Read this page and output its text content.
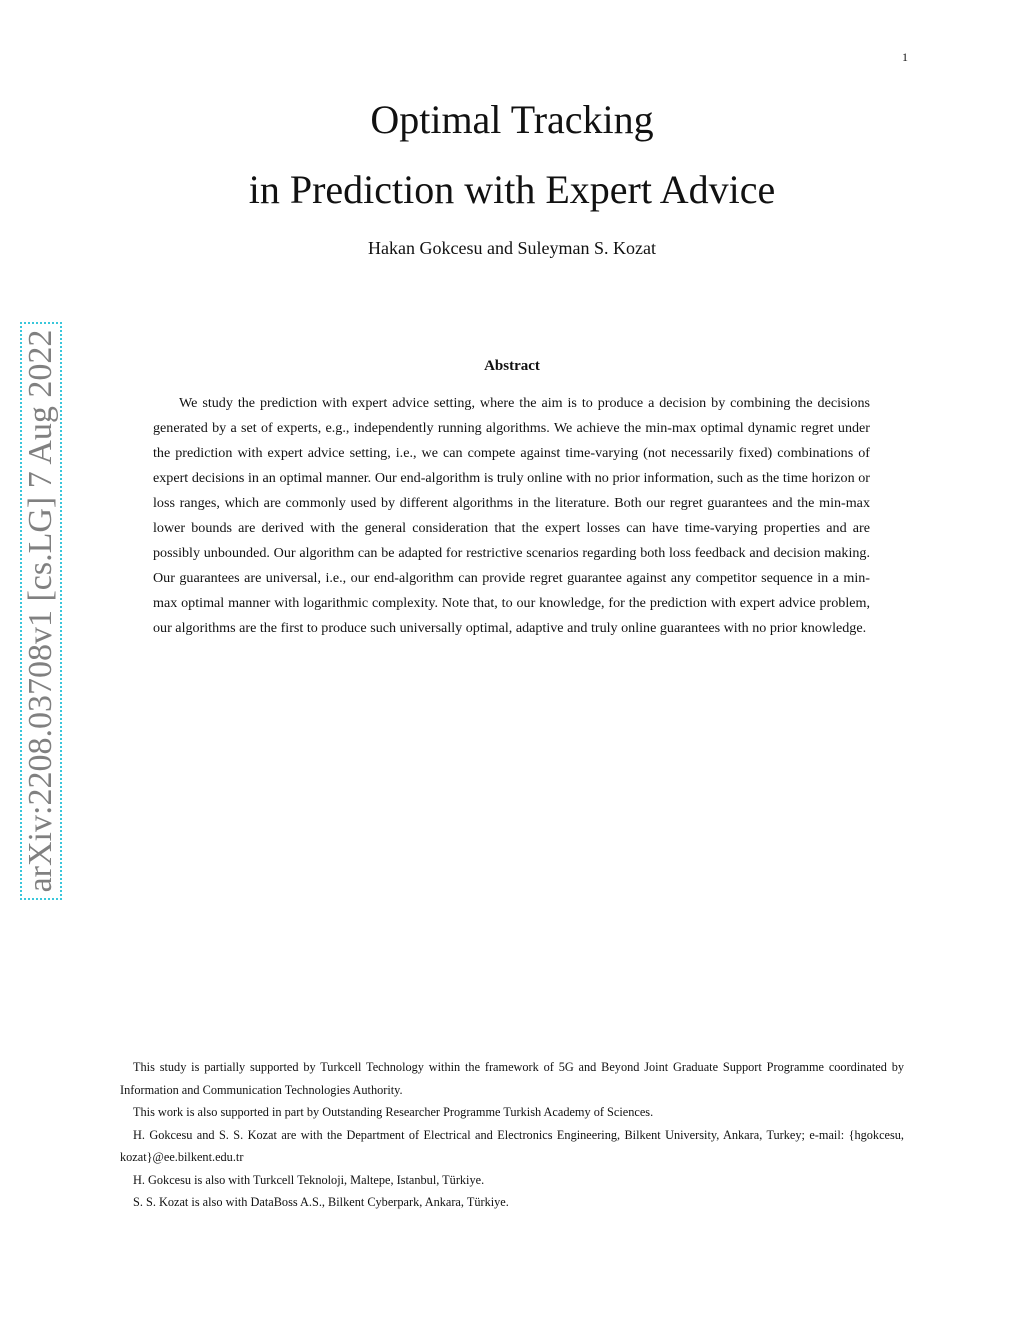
1
Optimal Tracking
in Prediction with Expert Advice
Hakan Gokcesu and Suleyman S. Kozat
arXiv:2208.03708v1 [cs.LG] 7 Aug 2022	Abstract

We study the prediction with expert advice setting, where the aim is to produce a decision by combining the decisions generated by a set of experts, e.g., independently running algorithms. We achieve the min-max optimal dynamic regret under the prediction with expert advice setting, i.e., we can compete against time-varying (not necessarily fixed) combinations of expert decisions in an optimal manner. Our end-algorithm is truly online with no prior information, such as the time horizon or loss ranges, which are commonly used by different algorithms in the literature. Both our regret guarantees and the min-max lower bounds are derived with the general consideration that the expert losses can have time-varying properties and are possibly unbounded. Our algorithm can be adapted for restrictive scenarios regarding both loss feedback and decision making. Our guarantees are universal, i.e., our end-algorithm can provide regret guarantee against any competitor sequence in a min-max optimal manner with logarithmic complexity. Note that, to our knowledge, for the prediction with expert advice problem, our algorithms are the first to produce such universally optimal, adaptive and truly online guarantees with no prior knowledge.

This study is partially supported by Turkcell Technology within the framework of 5G and Beyond Joint Graduate Support Programme coordinated by Information and Communication Technologies Authority.

This work is also supported in part by Outstanding Researcher Programme Turkish Academy of Sciences.

H. Gokcesu and S. S. Kozat are with the Department of Electrical and Electronics Engineering, Bilkent University, Ankara, Turkey; e-mail: {hgokcesu, kozat}@ee.bilkent.edu.tr

H. Gokcesu is also with Turkcell Teknoloji, Maltepe, Istanbul, Türkiye.

S. S. Kozat is also with DataBoss A.S., Bilkent Cyberpark, Ankara, Türkiye.
